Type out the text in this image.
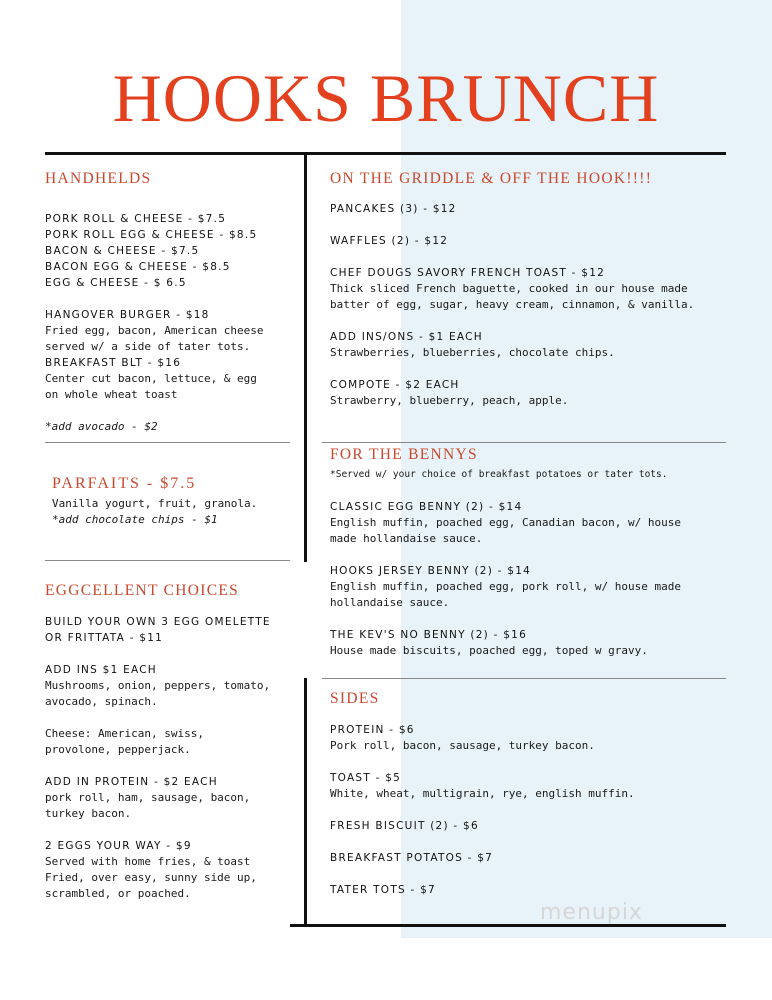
HOOKS BRUNCH
HANDHELDS
PORK ROLL & CHEESE - $7.5
PORK ROLL EGG & CHEESE - $8.5
BACON & CHEESE - $7.5
BACON EGG & CHEESE - $8.5
EGG & CHEESE - $ 6.5
HANGOVER BURGER - $18
Fried egg, bacon, American cheese
served w/ a side of tater tots.
BREAKFAST BLT - $16
Center cut bacon, lettuce, & egg
on whole wheat toast
*add avocado - $2
PARFAITS - $7.5
Vanilla yogurt, fruit, granola.
*add chocolate chips - $1
EGGCELLENT CHOICES
BUILD YOUR OWN 3 EGG OMELETTE
OR FRITTATA - $11
ADD INS $1 EACH
Mushrooms, onion, peppers, tomato,
avocado, spinach.
Cheese: American, swiss,
provolone, pepperjack.
ADD IN PROTEIN - $2 EACH
pork roll, ham, sausage, bacon,
turkey bacon.
2 EGGS YOUR WAY - $9
Served with home fries, & toast
Fried, over easy, sunny side up,
scrambled, or poached.
ON THE GRIDDLE & OFF THE HOOK!!!!
PANCAKES (3) - $12
WAFFLES (2) - $12
CHEF DOUGS SAVORY FRENCH TOAST - $12
Thick sliced French baguette, cooked in our house made
batter of egg, sugar, heavy cream, cinnamon, & vanilla.
ADD INS/ONS - $1 EACH
Strawberries, blueberries, chocolate chips.
COMPOTE - $2 EACH
Strawberry, blueberry, peach, apple.
FOR THE BENNYS
*Served w/ your choice of breakfast potatoes or tater tots.
CLASSIC EGG BENNY (2) - $14
English muffin, poached egg, Canadian bacon, w/ house
made hollandaise sauce.
HOOKS JERSEY BENNY (2) - $14
English muffin, poached egg, pork roll, w/ house made
hollandaise sauce.
THE KEV'S NO BENNY (2) - $16
House made biscuits, poached egg, toped w gravy.
SIDES
PROTEIN - $6
Pork roll, bacon, sausage, turkey bacon.
TOAST - $5
White, wheat, multigrain, rye, english muffin.
FRESH BISCUIT (2) - $6
BREAKFAST POTATOS - $7
TATER TOTS - $7
menupix
